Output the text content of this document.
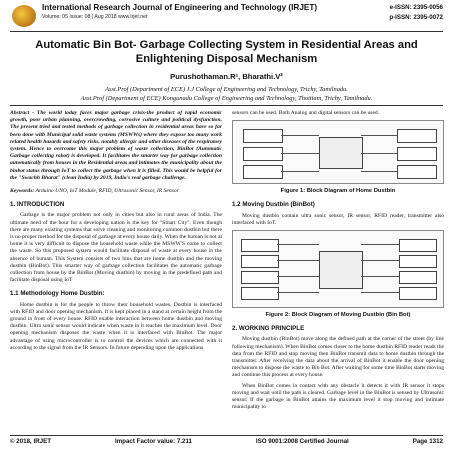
International Research Journal of Engineering and Technology (IRJET)
Volume: 05 Issue: 08 | Aug 2018 www.irjet.net
e-ISSN: 2395-0056
p-ISSN: 2395-0072
Automatic Bin Bot- Garbage Collecting System in Residential Areas and Enlightening Disposal Mechanism
Purushothaman.R¹, Bharathi.V²
Asst.Prof (Department of ECE) J.J College of Engineering and Technology, Trichy, Tamilnadu.
Asst.Prof (Department of ECE) Kongunadu College of Engineering and Technology, Thottiam, Trichy, Tamilnadu.
Abstract - The world today faces major garbage crisis-the product of rapid economic growth, poor urban planning, overcrowding, corrosive culture and political dysfunction. The present tried and tested methods of garbage collection in residential areas have so far been done with Municipal solid waste systems (MSWWs) where they expose too many work related health hazards and safety risks, notably allergic and other diseases of the respiratory system. Hence to overcome this major problem of waste collection, BinBot (Automatic Garbage collecting robot) is developed. It facilitates the smarter way for garbage collection automatically from houses in the Residential areas and intimates the municipality about the binbot status through IoT to collect the garbage when it is filled. This would be helpful for the "Swachh Bharat" (clean India) by 2019, India's real garbage challenge.
Keywords: Arduino UNO, IoT Module, RFID, Ultrasonic Sensor, IR Sensor
1. INTRODUCTION

Garbage is the major problem not only in cities but also in rural areas of India. The ultimate need of the hour for a developing nation is the key for "Smart City". Even though there are many existing systems that solve cleaning and monitoring common dustbin but there is no proper method for the disposal of garbage at every house daily. When the human is not at home it is very difficult to dispose the household waste while the MSWW'S come to collect the waste. So this proposed system would facilitate disposal of waste at every house in the absence of human. This System consists of two bins that are home dustbin and the moving dustbin (BinBot). This smarter way of garbage collection facilitates the automatic garbage collection from house by the BinBot (Moving dustbin) by moving in the predefined path and facilitate disposal using IoT

1.1 Methodology Home Dustbin:

Home dustbin is for the people to throw their household wastes. Dustbin is interfaced with RFID and door opening mechanism. It is kept placed in a stand at certain height from the ground in front of every house. RFID enable interaction between home dustbin and moving dustbin. Ultra sonic sensor would indicate when waste in it reaches the maximum level. Door opening mechanism disposes the waste when it is interfaced with BinBot. The major advantage of using microcontroller is to control the devices which are connected with it according to the signal from the IR Sensors. In future depending upon the applications

sensors can be used. Both Analog and digital sensors can be used.
Figure 1: Block Diagram of Home Dustbin
1.2 Moving Dustbin (BinBot)

Moving dustbin contain ultra sonic sensor, IR sensor, RFID reader, transmitter also interfaced with IoT.

Figure 2: Block Diagram of Moving Dustbin (Bin Bot)
2. WORKING PRINCIPLE

Moving dustbin (BinBot) move along the defined path at the corner of the street (by line following mechanism). When BinBot comes closer to the home dustbin RFID reader reads the data from the RFID and stop moving then BinBot transmit data to home dustbin through the transmitter. After receiving the data about the arrival of BinBot it enable the door opening mechanism to dispose the waste to Bin Bot. After waiting for some time BinBot starts moving and continue this process at every house.

When BinBot comes in contact with any obstacle it detects it with IR sensor it stops moving and wait until the path is cleared. Garbage level in the BinBot is sensed by Ultrasonic sensor. If the garbage in BinBot attains the maximum level it stop moving and intimate municipality to

© 2018, IRJET	Impact Factor value: 7.211	ISO 9001:2008 Certified Journal	Page 1312
